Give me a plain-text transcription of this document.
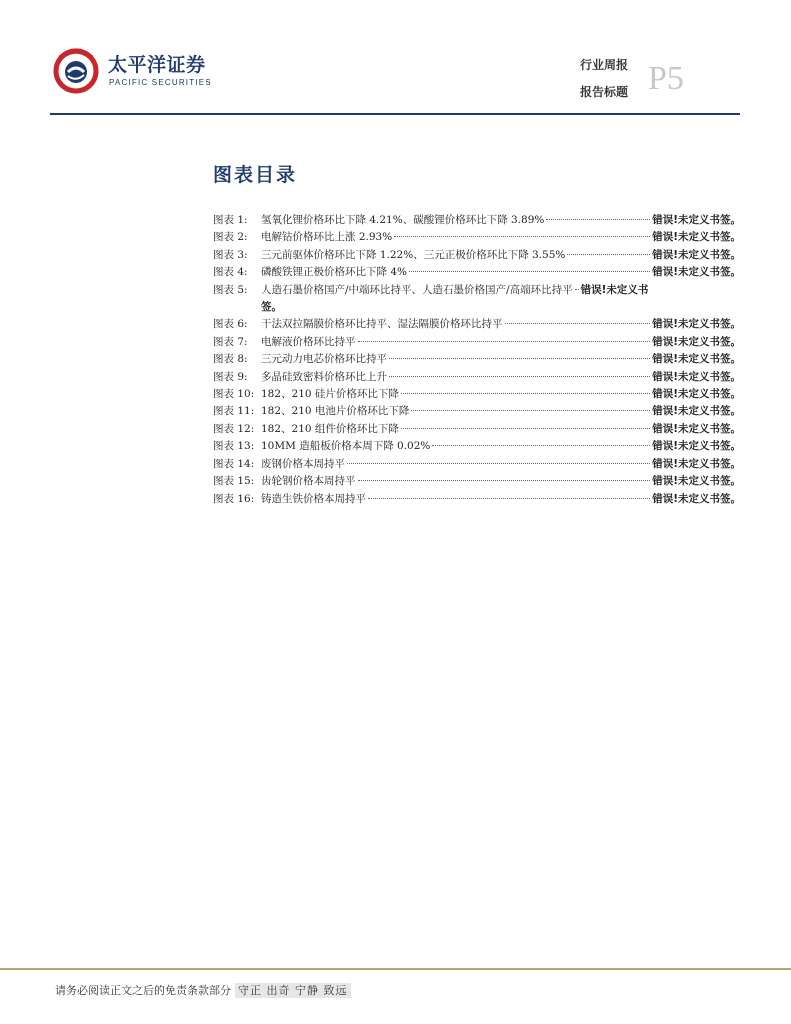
太平洋证券
PACIFIC SECURITIES
行业周报
报告标题 P5
图表目录
图表 1:	氢氧化锂价格环比下降 4.21%、碳酸锂价格环比下降 3.89%	错误!未定义书签。
图表 2:	电解钴价格环比上涨 2.93%	错误!未定义书签。
图表 3:	三元前驱体价格环比下降 1.22%、三元正极价格环比下降 3.55%	错误!未定义书签。
图表 4:	磷酸铁锂正极价格环比下降 4%	错误!未定义书签。
图表 5:	人造石墨价格国产/中端环比持平、人造石墨价格国产/高端环比持平 错误!未定义书
签。
图表 6:	干法双拉隔膜价格环比持平、湿法隔膜价格环比持平	错误!未定义书签。
图表 7:	电解液价格环比持平	错误!未定义书签。
图表 8:	三元动力电芯价格环比持平	错误!未定义书签。
图表 9:	多晶硅致密料价格环比上升	错误!未定义书签。
图表 10: 182、210 硅片价格环比下降	错误!未定义书签。
图表 11: 182、210 电池片价格环比下降	错误!未定义书签。
图表 12: 182、210 组件价格环比下降	错误!未定义书签。
图表 13: 10MM 造船板价格本周下降 0.02%	错误!未定义书签。
图表 14: 废钢价格本周持平	错误!未定义书签。
图表 15: 齿轮钢价格本周持平	错误!未定义书签。
图表 16: 铸造生铁价格本周持平	错误!未定义书签。
请务必阅读正文之后的免责条款部分 守正 出奇 宁静 致远
